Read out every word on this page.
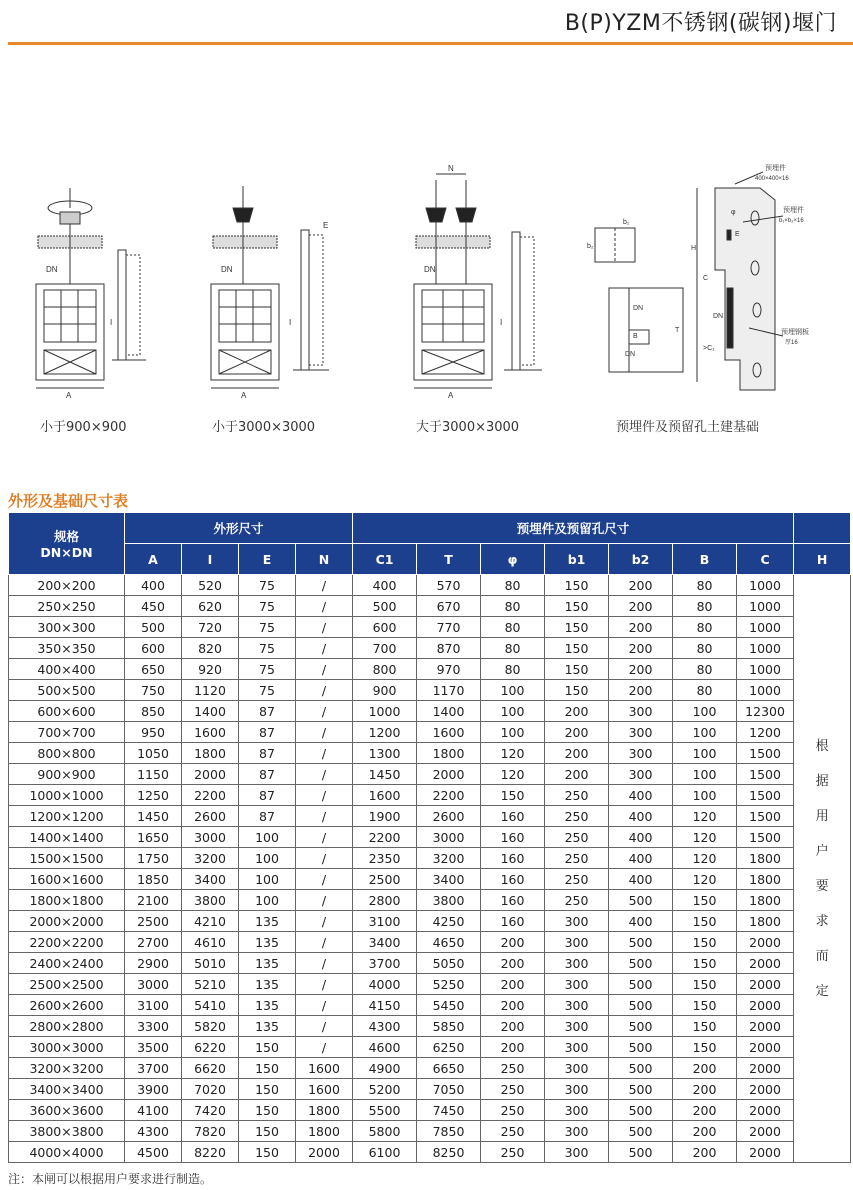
B(P)YZM不锈钢(碳钢)堰门
DN
A
I
小于900×900
DN
A
I
E
小于3000×3000
N
DN
A
I
大于3000×3000
b₁
b₂
预埋件
400×400×16
预埋件
b₁×b₂×16
预埋钢板
厚16
H
C
>C₁
φ
E
DN
DN
DN
T
B
预埋件及预留孔土建基础
外形及基础尺寸表
规格
DN×DN	外形尺寸				预埋件及预留孔尺寸							
	A	I	E	N	C1	T	φ	b1	b2	B	C	H
200×200	400	520	75	/	400	570	80	150	200	80	1000	根据用户要求而定
250×250	450	620	75	/	500	670	80	150	200	80	1000	
300×300	500	720	75	/	600	770	80	150	200	80	1000	
350×350	600	820	75	/	700	870	80	150	200	80	1000	
400×400	650	920	75	/	800	970	80	150	200	80	1000	
500×500	750	1120	75	/	900	1170	100	150	200	80	1000	
600×600	850	1400	87	/	1000	1400	100	200	300	100	12300	
700×700	950	1600	87	/	1200	1600	100	200	300	100	1200	
800×800	1050	1800	87	/	1300	1800	120	200	300	100	1500	
900×900	1150	2000	87	/	1450	2000	120	200	300	100	1500	
1000×1000	1250	2200	87	/	1600	2200	150	250	400	100	1500	
1200×1200	1450	2600	87	/	1900	2600	160	250	400	120	1500	
1400×1400	1650	3000	100	/	2200	3000	160	250	400	120	1500	
1500×1500	1750	3200	100	/	2350	3200	160	250	400	120	1800	
1600×1600	1850	3400	100	/	2500	3400	160	250	400	120	1800	
1800×1800	2100	3800	100	/	2800	3800	160	250	500	150	1800	
2000×2000	2500	4210	135	/	3100	4250	160	300	400	150	1800	
2200×2200	2700	4610	135	/	3400	4650	200	300	500	150	2000	
2400×2400	2900	5010	135	/	3700	5050	200	300	500	150	2000	
2500×2500	3000	5210	135	/	4000	5250	200	300	500	150	2000	
2600×2600	3100	5410	135	/	4150	5450	200	300	500	150	2000	
2800×2800	3300	5820	135	/	4300	5850	200	300	500	150	2000	
3000×3000	3500	6220	150	/	4600	6250	200	300	500	150	2000	
3200×3200	3700	6620	150	1600	4900	6650	250	300	500	200	2000	
3400×3400	3900	7020	150	1600	5200	7050	250	300	500	200	2000	
3600×3600	4100	7420	150	1800	5500	7450	250	300	500	200	2000	
3800×3800	4300	7820	150	1800	5800	7850	250	300	500	200	2000	
4000×4000	4500	8220	150	2000	6100	8250	250	300	500	200	2000	
注：本闸可以根据用户要求进行制造。
